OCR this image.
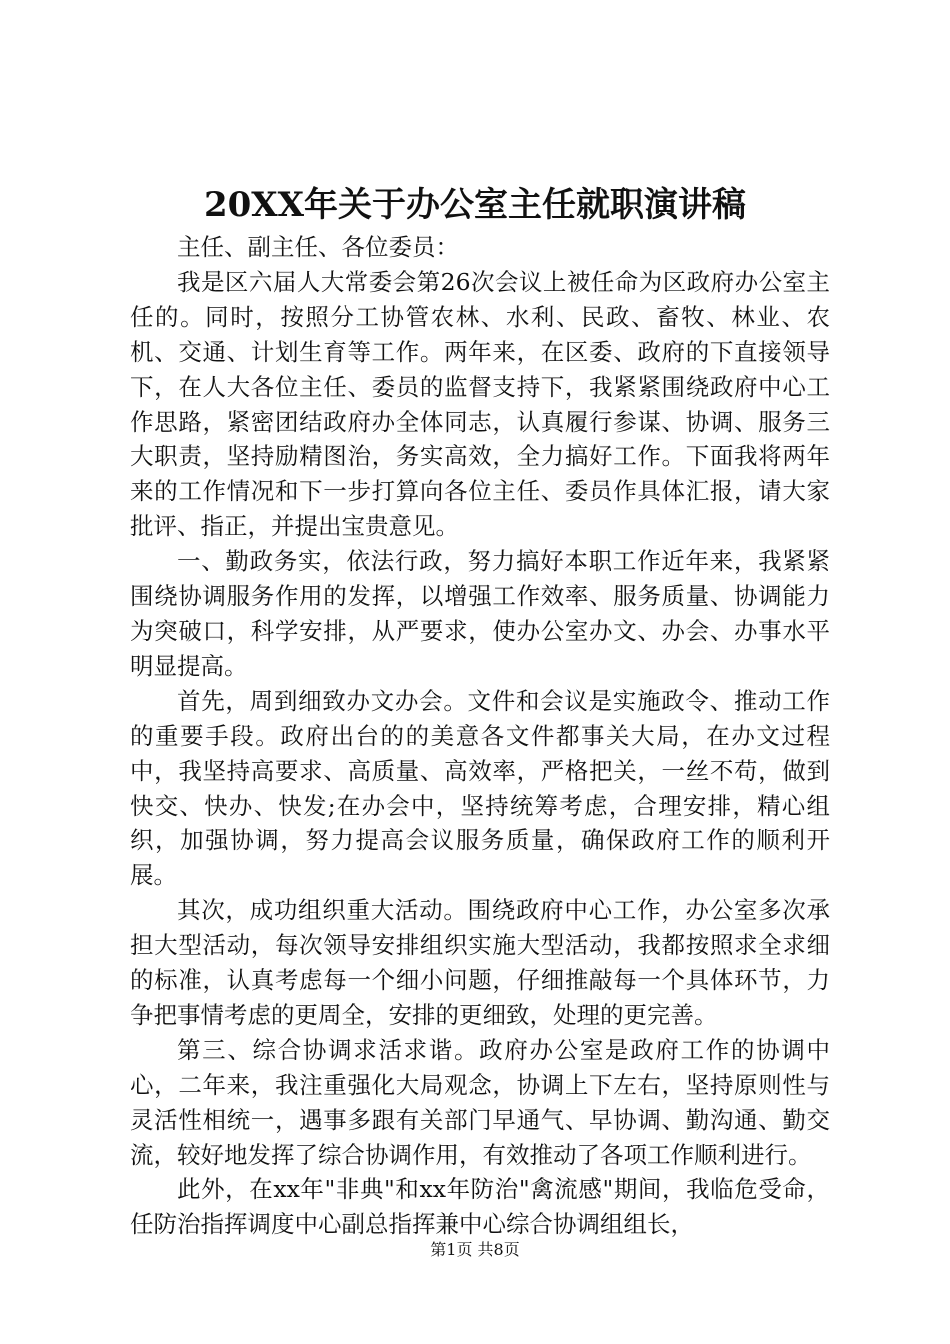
20XX年关于办公室主任就职演讲稿

主任、副主任、各位委员：

我是区六届人大常委会第26次会议上被任命为区政府办公室主任的。同时，按照分工协管农林、水利、民政、畜牧、林业、农机、交通、计划生育等工作。两年来，在区委、政府的下直接领导下，在人大各位主任、委员的监督支持下，我紧紧围绕政府中心工作思路，紧密团结政府办全体同志，认真履行参谋、协调、服务三大职责，坚持励精图治，务实高效，全力搞好工作。下面我将两年来的工作情况和下一步打算向各位主任、委员作具体汇报，请大家批评、指正，并提出宝贵意见。

一、勤政务实，依法行政，努力搞好本职工作近年来，我紧紧围绕协调服务作用的发挥，以增强工作效率、服务质量、协调能力为突破口，科学安排，从严要求，使办公室办文、办会、办事水平明显提高。

首先，周到细致办文办会。文件和会议是实施政令、推动工作的重要手段。政府出台的的美意各文件都事关大局，在办文过程中，我坚持高要求、高质量、高效率，严格把关，一丝不苟，做到快交、快办、快发;在办会中，坚持统筹考虑，合理安排，精心组织，加强协调，努力提高会议服务质量，确保政府工作的顺利开展。

其次，成功组织重大活动。围绕政府中心工作，办公室多次承担大型活动，每次领导安排组织实施大型活动，我都按照求全求细的标准，认真考虑每一个细小问题，仔细推敲每一个具体环节，力争把事情考虑的更周全，安排的更细致，处理的更完善。

第三、综合协调求活求谐。政府办公室是政府工作的协调中心，二年来，我注重强化大局观念，协调上下左右，坚持原则性与灵活性相统一，遇事多跟有关部门早通气、早协调、勤沟通、勤交流，较好地发挥了综合协调作用，有效推动了各项工作顺利进行。

此外，在xx年"非典"和xx年防治"禽流感"期间，我临危受命，任防治指挥调度中心副总指挥兼中心综合协调组组长，

第1页 共8页
